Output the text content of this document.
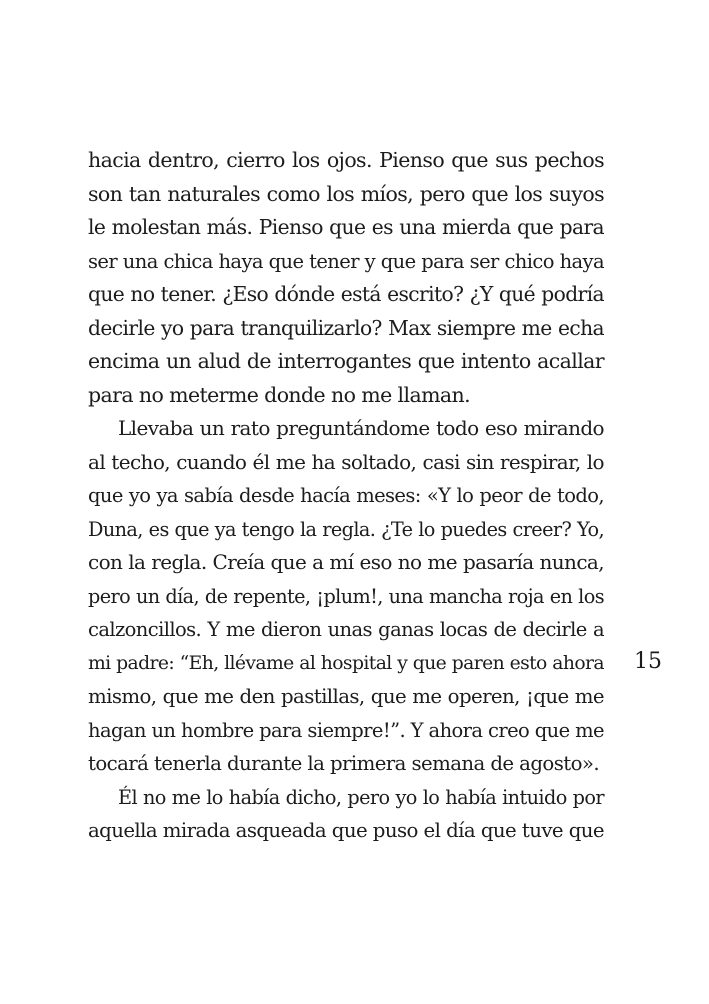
hacia dentro, cierro los ojos. Pienso que sus pechos
son tan naturales como los míos, pero que los suyos
le molestan más. Pienso que es una mierda que para
ser una chica haya que tener y que para ser chico haya
que no tener. ¿Eso dónde está escrito? ¿Y qué podría
decirle yo para tranquilizarlo? Max siempre me echa
encima un alud de interrogantes que intento acallar
para no meterme donde no me llaman.
Llevaba un rato preguntándome todo eso mirando
al techo, cuando él me ha soltado, casi sin respirar, lo
que yo ya sabía desde hacía meses: «Y lo peor de todo,
Duna, es que ya tengo la regla. ¿Te lo puedes creer? Yo,
con la regla. Creía que a mí eso no me pasaría nunca,
pero un día, de repente, ¡plum!, una mancha roja en los
calzoncillos. Y me dieron unas ganas locas de decirle a
mi padre: “Eh, llévame al hospital y que paren esto ahora
mismo, que me den pastillas, que me operen, ¡que me
hagan un hombre para siempre!”. Y ahora creo que me
tocará tenerla durante la primera semana de agosto».
Él no me lo había dicho, pero yo lo había intuido por
aquella mirada asqueada que puso el día que tuve que
15
